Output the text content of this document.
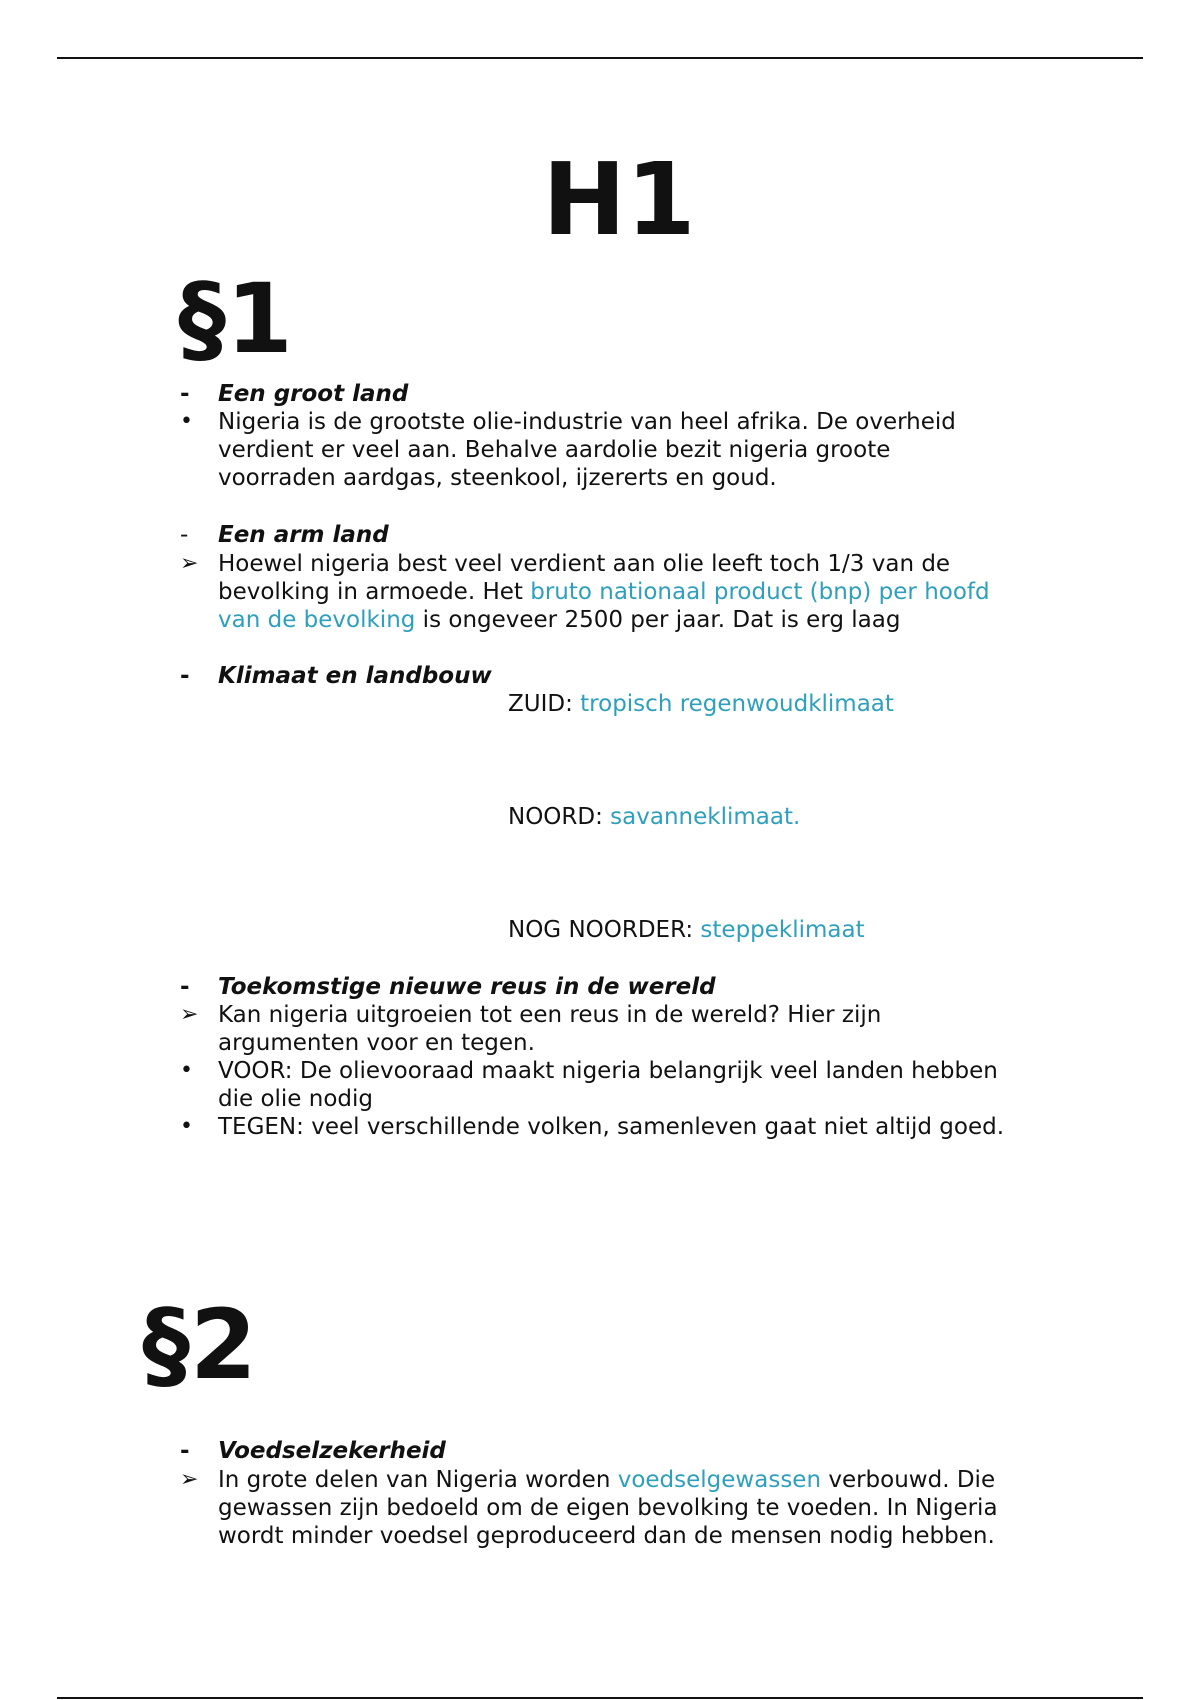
H1
§1
-	Een groot land
•	Nigeria is de grootste olie-industrie van heel afrika. De overheid
verdient er veel aan. Behalve aardolie bezit nigeria groote
voorraden aardgas, steenkool, ijzererts en goud.
-	Een arm land
➢ Hoewel nigeria best veel verdient aan olie leeft toch 1/3 van de
bevolking in armoede. Het bruto nationaal product (bnp) per hoofd
van de bevolking is ongeveer 2500 per jaar. Dat is erg laag
-	Klimaat en landbouw
ZUID: tropisch regenwoudklimaat
NOORD: savanneklimaat.
NOG NOORDER: steppeklimaat
-	Toekomstige nieuwe reus in de wereld
➢ Kan nigeria uitgroeien tot een reus in de wereld? Hier zijn
argumenten voor en tegen.
•	VOOR: De olievooraad maakt nigeria belangrijk veel landen hebben
die olie nodig
•	TEGEN: veel verschillende volken, samenleven gaat niet altijd goed.
§2
-	Voedselzekerheid
➢ In grote delen van Nigeria worden voedselgewassen verbouwd. Die
gewassen zijn bedoeld om de eigen bevolking te voeden. In Nigeria
wordt minder voedsel geproduceerd dan de mensen nodig hebben.
